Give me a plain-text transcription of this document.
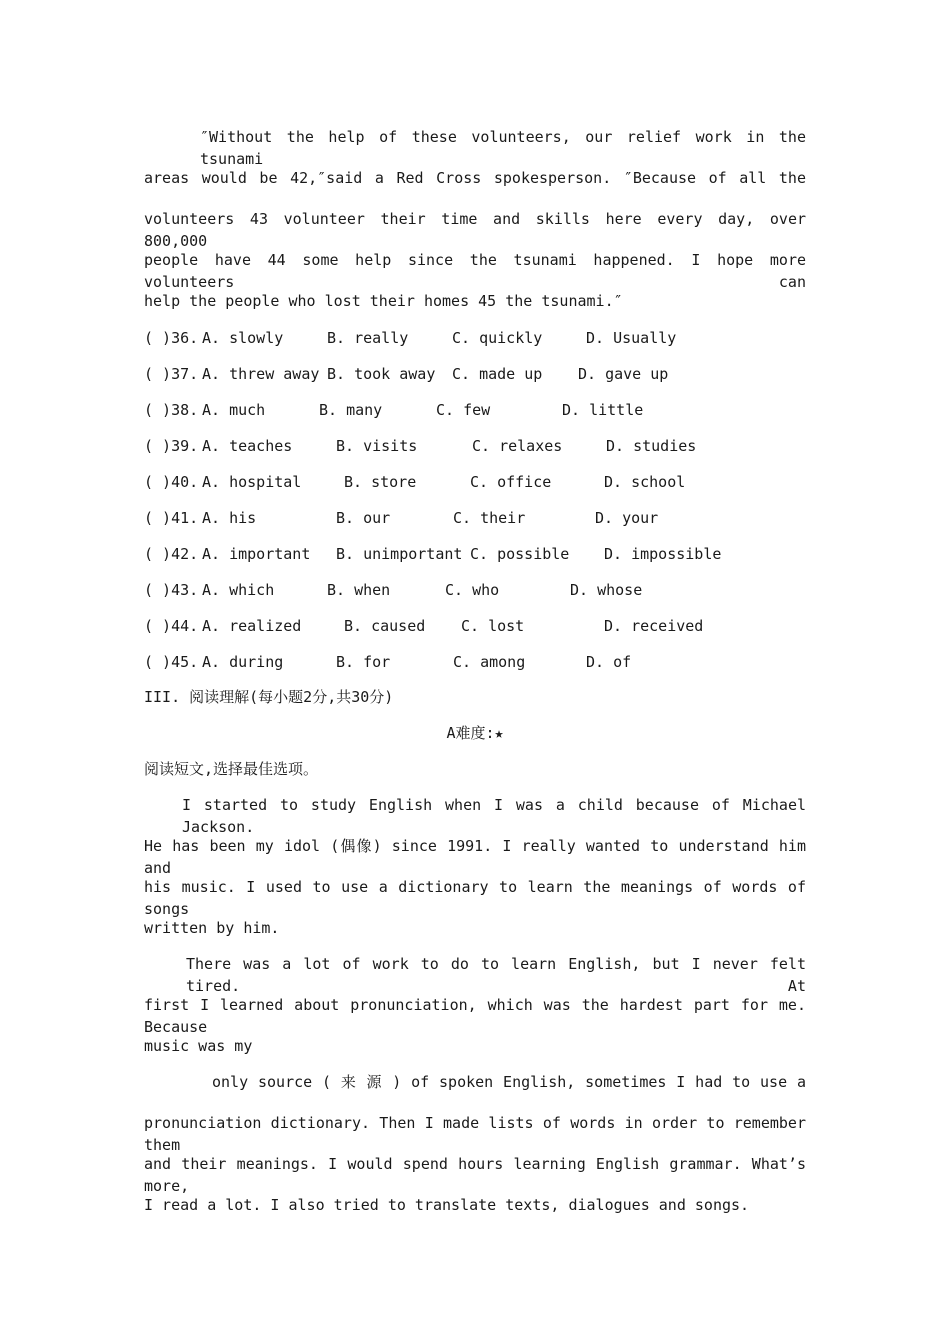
″Without the help of these volunteers, our relief work in the tsunami
areas would be 42,″said a Red Cross spokesperson. ″Because of all the
volunteers 43 volunteer their time and skills here every day, over 800,000
people have 44 some help since the tsunami happened. I hope more volunteers can
help the people who lost their homes 45 the tsunami.″
( )36. A. slowly	B. really	C. quickly	D. Usually
( )37. A. threw away B. took away C. made up D. gave up
( )38. A. much	B. many	C. few	D. little
( )39. A. teaches	B. visits	C. relaxes	D. studies
( )40. A. hospital	B. store	C. office	D. school
( )41. A. his	B. our	C. their	D. your
( )42. A. important B. unimportant C. possible D. impossible
( )43. A. which	B. when	C. who	D. whose
( )44. A. realized	B. caused C. lost	D. received
( )45. A. during	B. for	C. among	D. of
III. 阅读理解(每小题2分,共30分)
A难度:★
阅读短文,选择最佳选项。
I started to study English when I was a child because of Michael Jackson.
He has been my idol (偶像) since 1991. I really wanted to understand him and
his music. I used to use a dictionary to learn the meanings of words of songs
written by him.
There was a lot of work to do to learn English, but I never felt tired. At
first I learned about pronunciation, which was the hardest part for me. Because
music was my
only source ( 来 源 ) of spoken English, sometimes I had to use a
pronunciation dictionary. Then I made lists of words in order to remember them
and their meanings. I would spend hours learning English grammar. What’s more,
I read a lot. I also tried to translate texts, dialogues and songs.
